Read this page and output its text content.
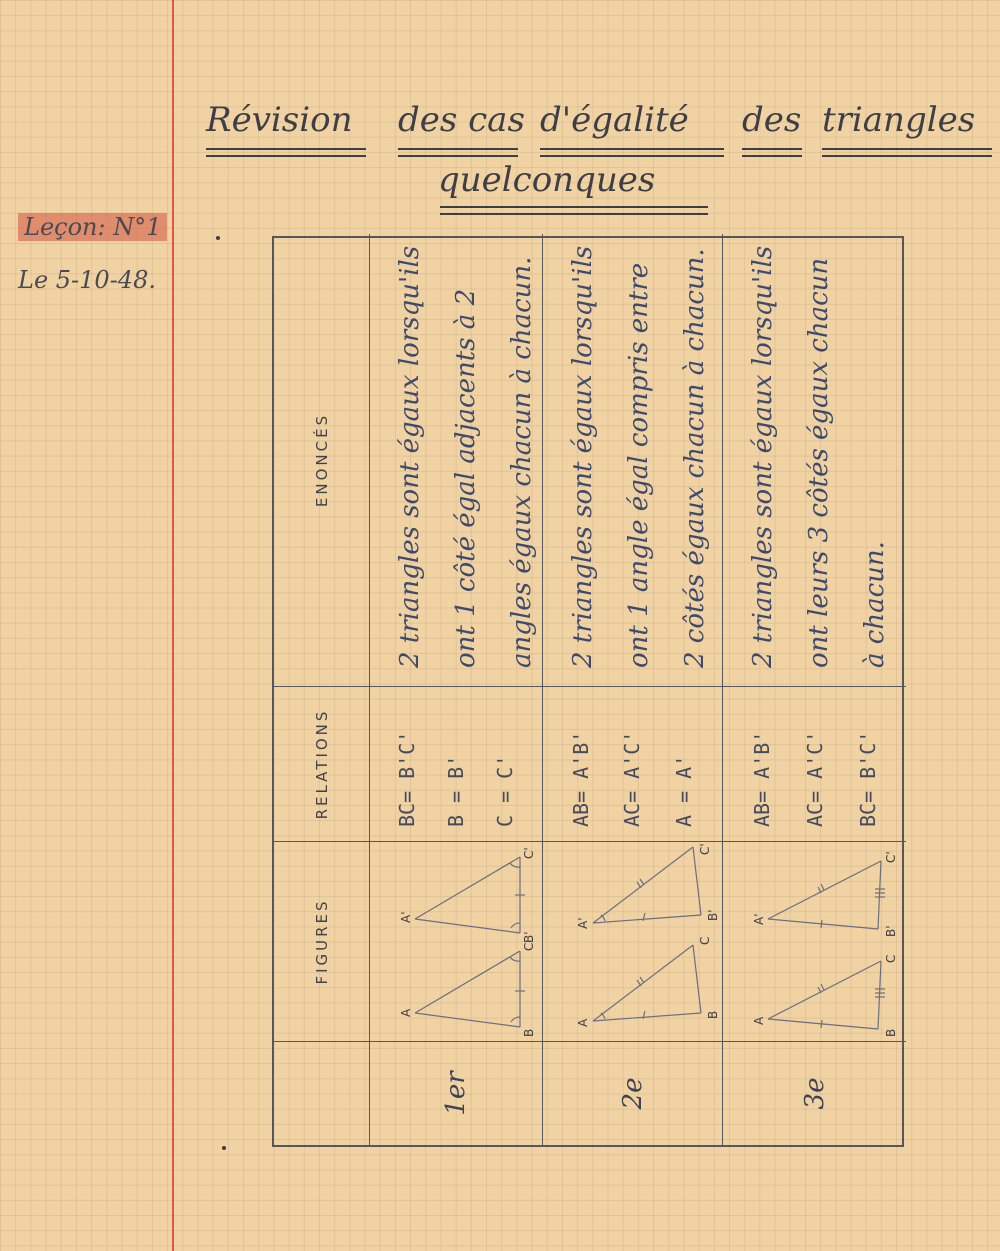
Révision des cas d'égalité des triangles
quelconques
Leçon: N°1
Le 5-10-48.
FIGURES
RELATIONS
ENONCÉS
1er
A
B
C
A'
B'
C'
BC= B'C' B = B' C = C'
2 triangles sont égaux lorsqu'ils ont 1 côté égal adjacents à 2 angles égaux chacun à chacun.
2e
A
B
C
A'
B'
C'
AB= A'B' AC= A'C' A = A'
2 triangles sont égaux lorsqu'ils ont 1 angle égal compris entre 2 côtés égaux chacun à chacun.
3e
A
B
C
A'
B'
C'
AB= A'B' AC= A'C' BC= B'C'
2 triangles sont égaux lorsqu'ils ont leurs 3 côtés égaux chacun à chacun.
